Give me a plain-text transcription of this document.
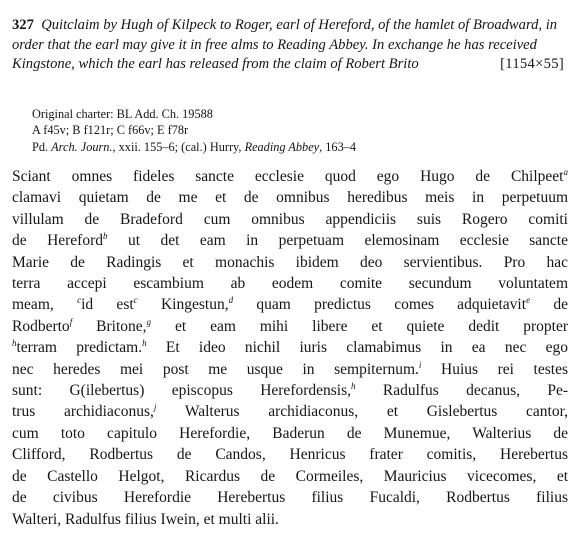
327 Quitclaim by Hugh of Kilpeck to Roger, earl of Hereford, of the hamlet of Broadward, in order that the earl may give it in free alms to Reading Abbey. In exchange he has received Kingstone, which the earl has released from the claim of Robert Brito	[1154×55]
Original charter: BL Add. Ch. 19588
A f45v; B f121r; C f66v; E f78r
Pd. Arch. Journ., xxii. 155–6; (cal.) Hurry, Reading Abbey, 163–4
Sciant omnes fideles sancte ecclesie quod ego Hugo de Chilpeet$^a$
clamavi quietam de me et de omnibus heredibus meis in perpetuum
villulam de Bradeford cum omnibus appendiciis suis Rogero comiti
de Hereford$^b$ ut det eam in perpetuam elemosinam ecclesie sancte
Marie de Radingis et monachis ibidem deo servientibus. Pro hac
terra accepi escambium ab eodem comite secundum voluntatem
meam, $^c$id est$^c$ Kingestun,$^d$ quam predictus comes adquietavit$^e$ de
Rodberto$^f$ Britone,$^g$ et eam mihi libere et quiete dedit propter
$^h$terram predictam.$^h$ Et ideo nichil iuris clamabimus in ea nec ego
nec heredes mei post me usque in sempiternum.$^i$ Huius rei testes
sunt: G(ilebertus) episcopus Herefordensis,$^h$ Radulfus decanus, Pe-
trus archidiaconus,$^j$ Walterus archidiaconus, et Gislebertus cantor,
cum toto capitulo Herefordie, Baderun de Munemue, Walterius de
Clifford, Rodbertus de Candos, Henricus frater comitis, Herebertus
de Castello Helgot, Ricardus de Cormeiles, Mauricius vicecomes, et
de civibus Herefordie Herebertus filius Fucaldi, Rodbertus filius
Walteri, Radulfus filius Iwein, et multi alii.
